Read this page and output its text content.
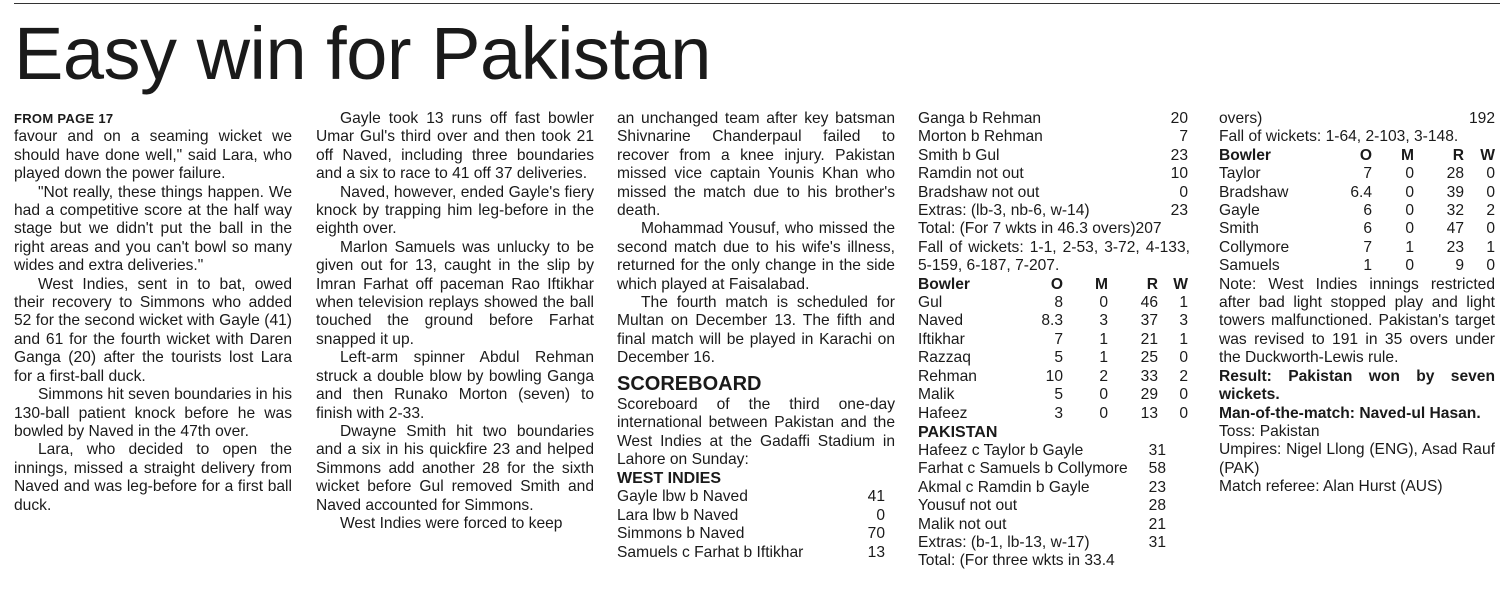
Easy win for Pakistan
FROM PAGE 17

favour and on a seaming wicket we should have done well," said Lara, who played down the power failure.

"Not really, these things happen. We had a competitive score at the half way stage but we didn't put the ball in the right areas and you can't bowl so many wides and extra deliveries."

West Indies, sent in to bat, owed their recovery to Simmons who added 52 for the second wicket with Gayle (41) and 61 for the fourth wicket with Daren Ganga (20) after the tourists lost Lara for a first-ball duck.

Simmons hit seven boundaries in his 130-ball patient knock before he was bowled by Naved in the 47th over.

Lara, who decided to open the innings, missed a straight delivery from Naved and was leg-before for a first ball duck.

Gayle took 13 runs off fast bowler Umar Gul's third over and then took 21 off Naved, including three boundaries and a six to race to 41 off 37 deliveries.

Naved, however, ended Gayle's fiery knock by trapping him leg-before in the eighth over.

Marlon Samuels was unlucky to be given out for 13, caught in the slip by Imran Farhat off paceman Rao Iftikhar when television replays showed the ball touched the ground before Farhat snapped it up.

Left-arm spinner Abdul Rehman struck a double blow by bowling Ganga and then Runako Morton (seven) to finish with 2-33.

Dwayne Smith hit two boundaries and a six in his quickfire 23 and helped Simmons add another 28 for the sixth wicket before Gul removed Smith and Naved accounted for Simmons.

West Indies were forced to keep

an unchanged team after key batsman Shivnarine Chanderpaul failed to recover from a knee injury. Pakistan missed vice captain Younis Khan who missed the match due to his brother's death.

Mohammad Yousuf, who missed the second match due to his wife's illness, returned for the only change in the side which played at Faisalabad.

The fourth match is scheduled for Multan on December 13. The fifth and final match will be played in Karachi on December 16.

SCOREBOARD

Scoreboard of the third one-day international between Pakistan and the West Indies at the Gadaffi Stadium in Lahore on Sunday:

WEST INDIES
Gayle lbw b Naved	41
Lara lbw b Naved	0
Simmons b Naved	70
Samuels c Farhat b Iftikhar	13
Ganga b Rehman	20
Morton b Rehman	7
Smith b Gul	23
Ramdin not out	10
Bradshaw not out	0
Extras: (lb-3, nb-6, w-14)	23

Total: (For 7 wkts in 46.3 overs)207

Fall of wickets: 1-1, 2-53, 3-72, 4-133, 5-159, 6-187, 7-207.

Bowler	O	M	R	W
Gul	8	0	46	1
Naved	8.3	3	37	3
Iftikhar	7	1	21	1
Razzaq	5	1	25	0
Rehman	10	2	33	2
Malik	5	0	29	0
Hafeez	3	0	13	0
PAKISTAN
Hafeez c Taylor b Gayle	31
Farhat c Samuels b Collymore 58
Akmal c Ramdin b Gayle	23
Yousuf not out	28
Malik not out	21
Extras: (b-1, lb-13, w-17)	31

Total: (For three wkts in 33.4

overs)	192

Fall of wickets: 1-64, 2-103, 3-148.

Bowler	O	M	R	W
Taylor	7	0	28	0
Bradshaw	6.4	0	39	0
Gayle	6	0	32	2
Smith	6	0	47	0
Collymore	7	1	23	1
Samuels	1	0	9	0

Note: West Indies innings restricted after bad light stopped play and light towers malfunctioned. Pakistan's target was revised to 191 in 35 overs under the Duckworth-Lewis rule.

Result: Pakistan won by seven wickets.

Man-of-the-match: Naved-ul Hasan.

Toss: Pakistan

Umpires: Nigel Llong (ENG), Asad Rauf (PAK)

Match referee: Alan Hurst (AUS)
